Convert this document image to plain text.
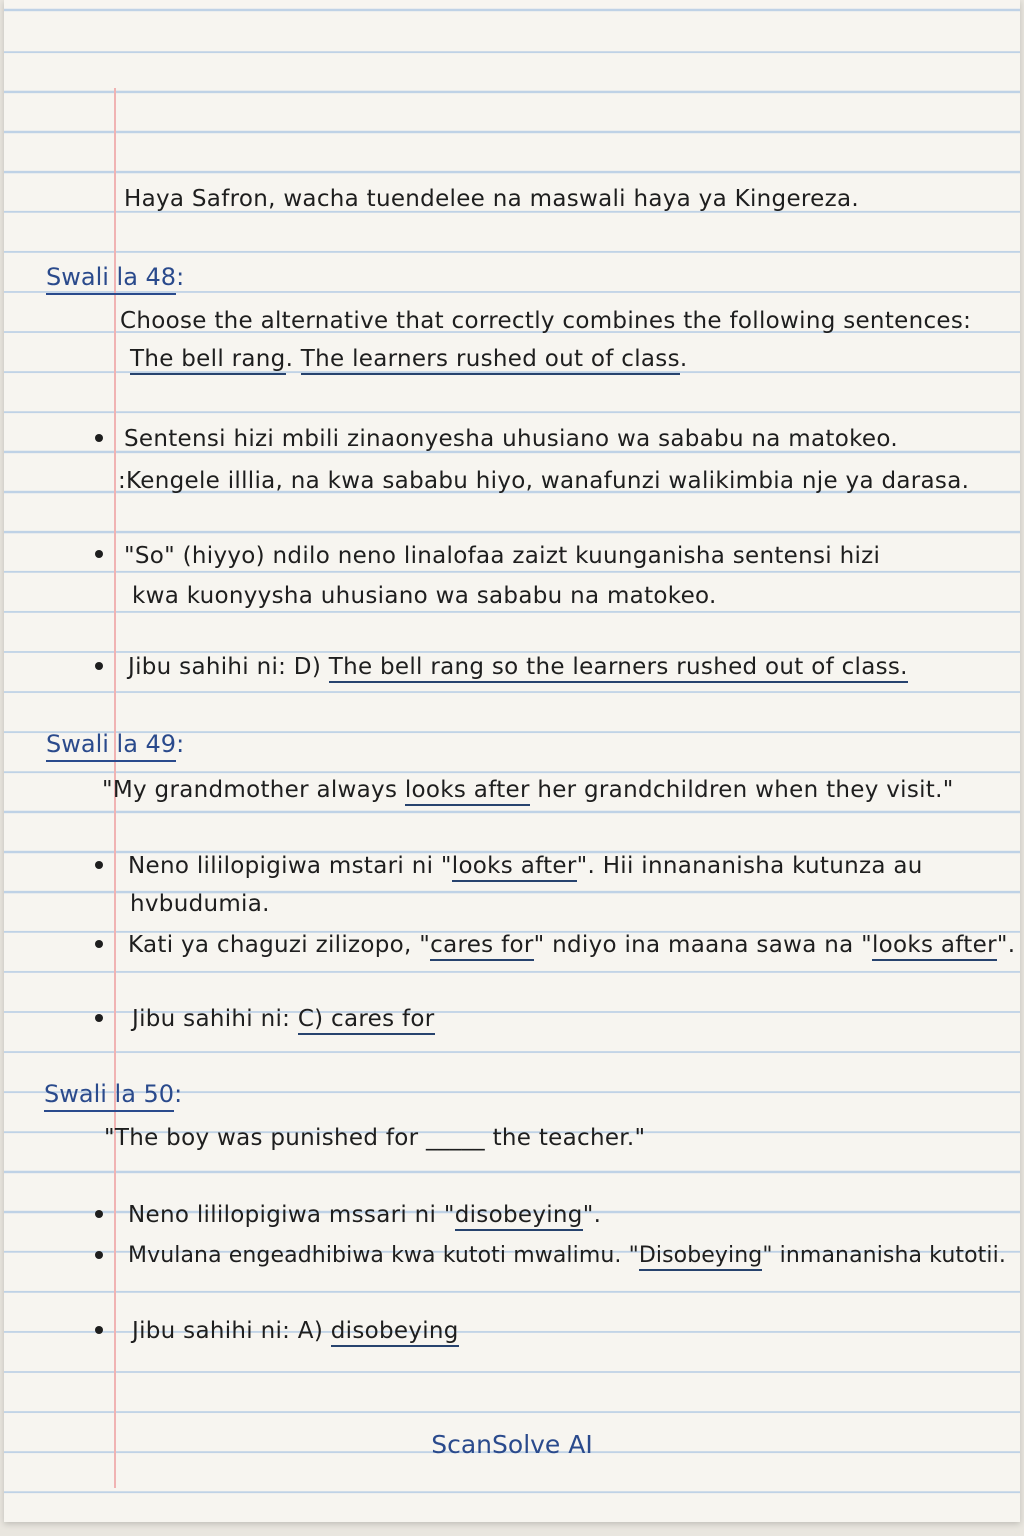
Haya Safron, wacha tuendelee na maswali haya ya Kingereza.
Swali la 48:
Choose the alternative that correctly combines the following sentences:
The bell rang. The learners rushed out of class.
Sentensi hizi mbili zinaonyesha uhusiano wa sababu na matokeo.
:Kengele illlia, na kwa sababu hiyo, wanafunzi walikimbia nje ya darasa.
"So" (hiyyo) ndilo neno linalofaa zaizt kuunganisha sentensi hizi
kwa kuonyysha uhusiano wa sababu na matokeo.
Jibu sahihi ni: D) The bell rang so the learners rushed out of class.
Swali la 49:
"My grandmother always looks after her grandchildren when they visit."
Neno lililopigiwa mstari ni "looks after". Hii innananisha kutunza au
hvbudumia.
Kati ya chaguzi zilizopo, "cares for" ndiyo ina maana sawa na "looks after".
Jibu sahihi ni: C) cares for
Swali la 50:
"The boy was punished for _____ the teacher."
Neno lililopigiwa mssari ni "disobeying".
Mvulana engeadhibiwa kwa kutoti mwalimu. "Disobeying" inmananisha kutotii.
Jibu sahihi ni: A) disobeying
ScanSolve AI
